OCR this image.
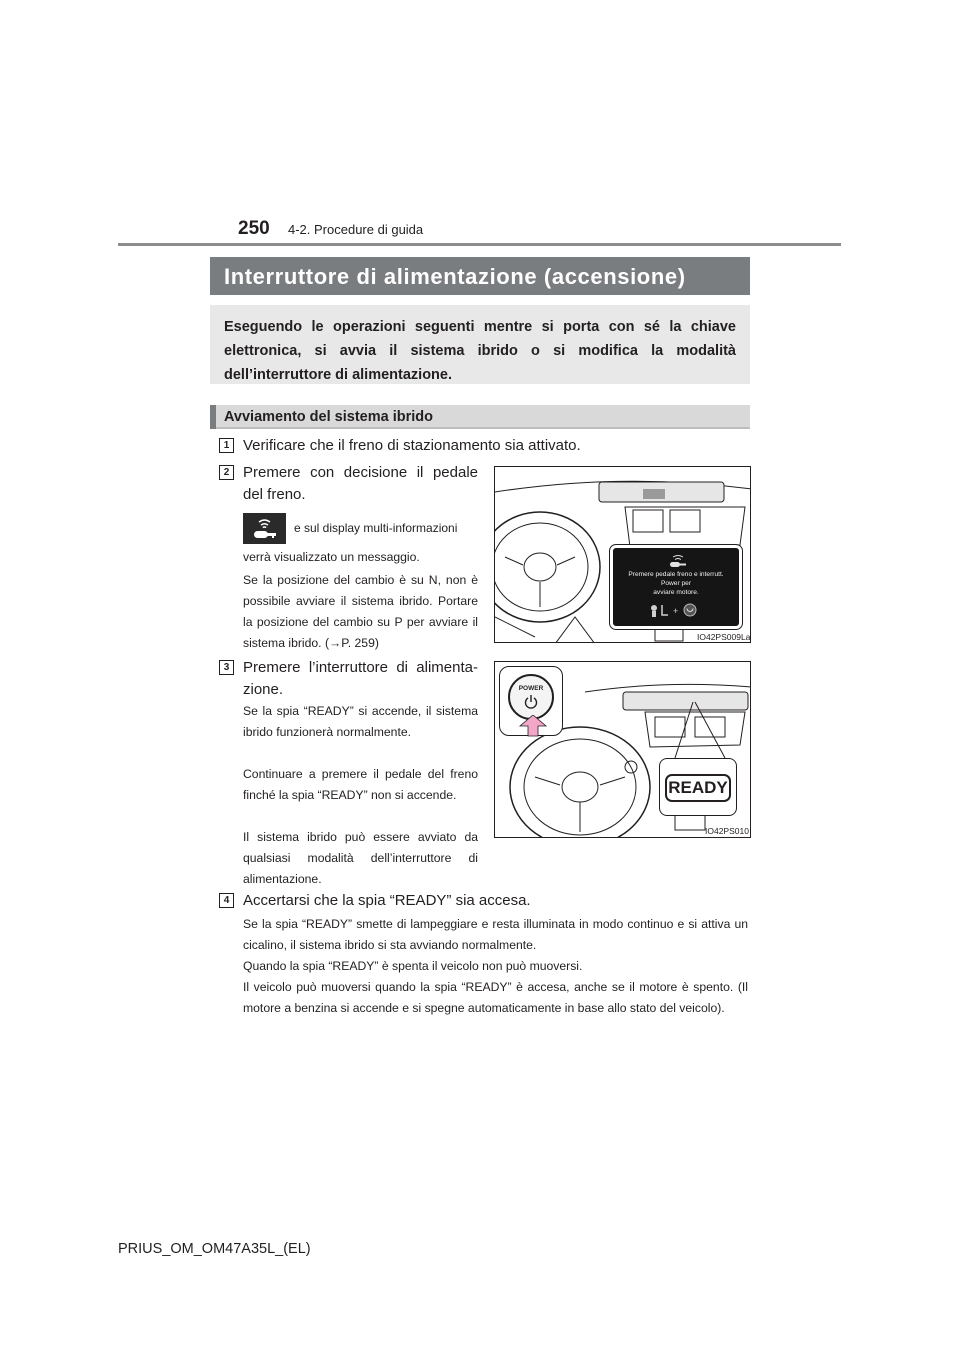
250 4-2. Procedure di guida
Interruttore di alimentazione (accensione)
Eseguendo le operazioni seguenti mentre si porta con sé la chiave elettronica, si avvia il sistema ibrido o si modifica la modalità dell’interruttore di alimentazione.
Avviamento del sistema ibrido
1 Verificare che il freno di stazionamento sia attivato.
2 Premere con decisione il pedale
del freno.
e sul display multi-informazioni
verrà visualizzato un messaggio.
Se la posizione del cambio è su N, non è possibile avviare il sistema ibrido. Portare la posizione del cambio su P per avviare il sistema ibrido. (→P. 259)
Premere pedale freno e interrutt.
Power per
avviare motore.
+
IO42PS009La
3 Premere l’interruttore di alimenta-
zione.
Se la spia “READY” si accende, il sistema ibrido funzionerà normalmente.
Continuare a premere il pedale del freno finché la spia “READY” non si accende.
Il sistema ibrido può essere avviato da qualsiasi modalità dell’interruttore di alimentazione.
POWER
READY
IO42PS010
4 Accertarsi che la spia “READY” sia accesa.
Se la spia “READY” smette di lampeggiare e resta illuminata in modo continuo e si attiva un cicalino, il sistema ibrido si sta avviando normalmente.
Quando la spia “READY” è spenta il veicolo non può muoversi.
Il veicolo può muoversi quando la spia “READY” è accesa, anche se il motore è spento. (Il motore a benzina si accende e si spegne automaticamente in base allo stato del veicolo).
PRIUS_OM_OM47A35L_(EL)
